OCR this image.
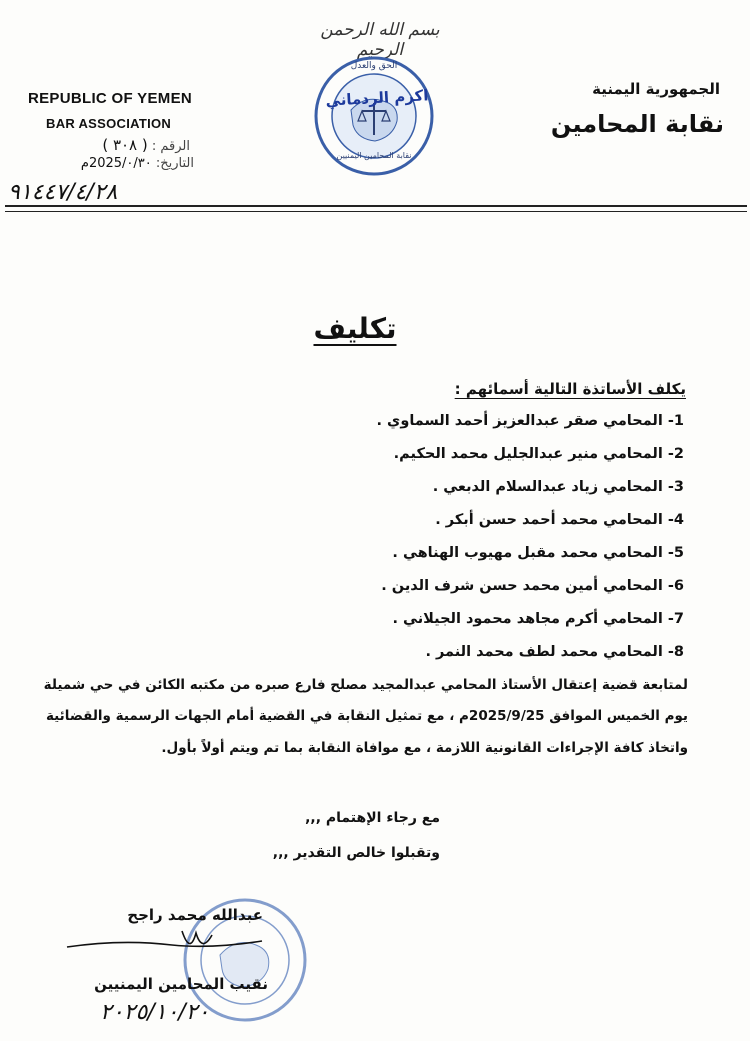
بسم الله الرحمن الرحيم
REPUBLIC OF YEMEN
BAR ASSOCIATION
الرقم : ( ٣٠٨ )
التاريخ: 2025/٠/٣٠م
٩١٤٤٧/٤/٢٨
الجمهورية اليمنية
نقابة المحامين
الحق والعدل
نقابة المحامين اليمنيين
اكرم الردماني
تكليف
يكلف الأساتذة التالية أسمائهم :
1- المحامي صقر عبدالعزيز أحمد السماوي .
2- المحامي منير عبدالجليل محمد الحكيم.
3- المحامي زياد عبدالسلام الدبعي .
4- المحامي محمد أحمد حسن أبكر .
5- المحامي محمد مقبل مهيوب الهناهي .
6- المحامي أمين محمد حسن شرف الدين .
7- المحامي أكرم مجاهد محمود الجيلاني .
8- المحامي محمد لطف محمد النمر .
لمتابعة قضية إعتقال الأستاذ المحامي عبدالمجيد مصلح فارع صبره من مكتبه الكائن في حي شميلة
يوم الخميس الموافق 2025/9/25م ، مع تمثيل النقابة في القضية أمام الجهات الرسمية والقضائية
واتخاذ كافة الإجراءات القانونية اللازمة ، مع موافاة النقابة بما تم ويتم أولاً بأول.
مع رجاء الإهتمام ,,,
وتقبلوا خالص التقدير ,,,
عبدالله محمد راجح
نقيب المحامين اليمنيين
٢٠٢٥/١٠/٢٠
